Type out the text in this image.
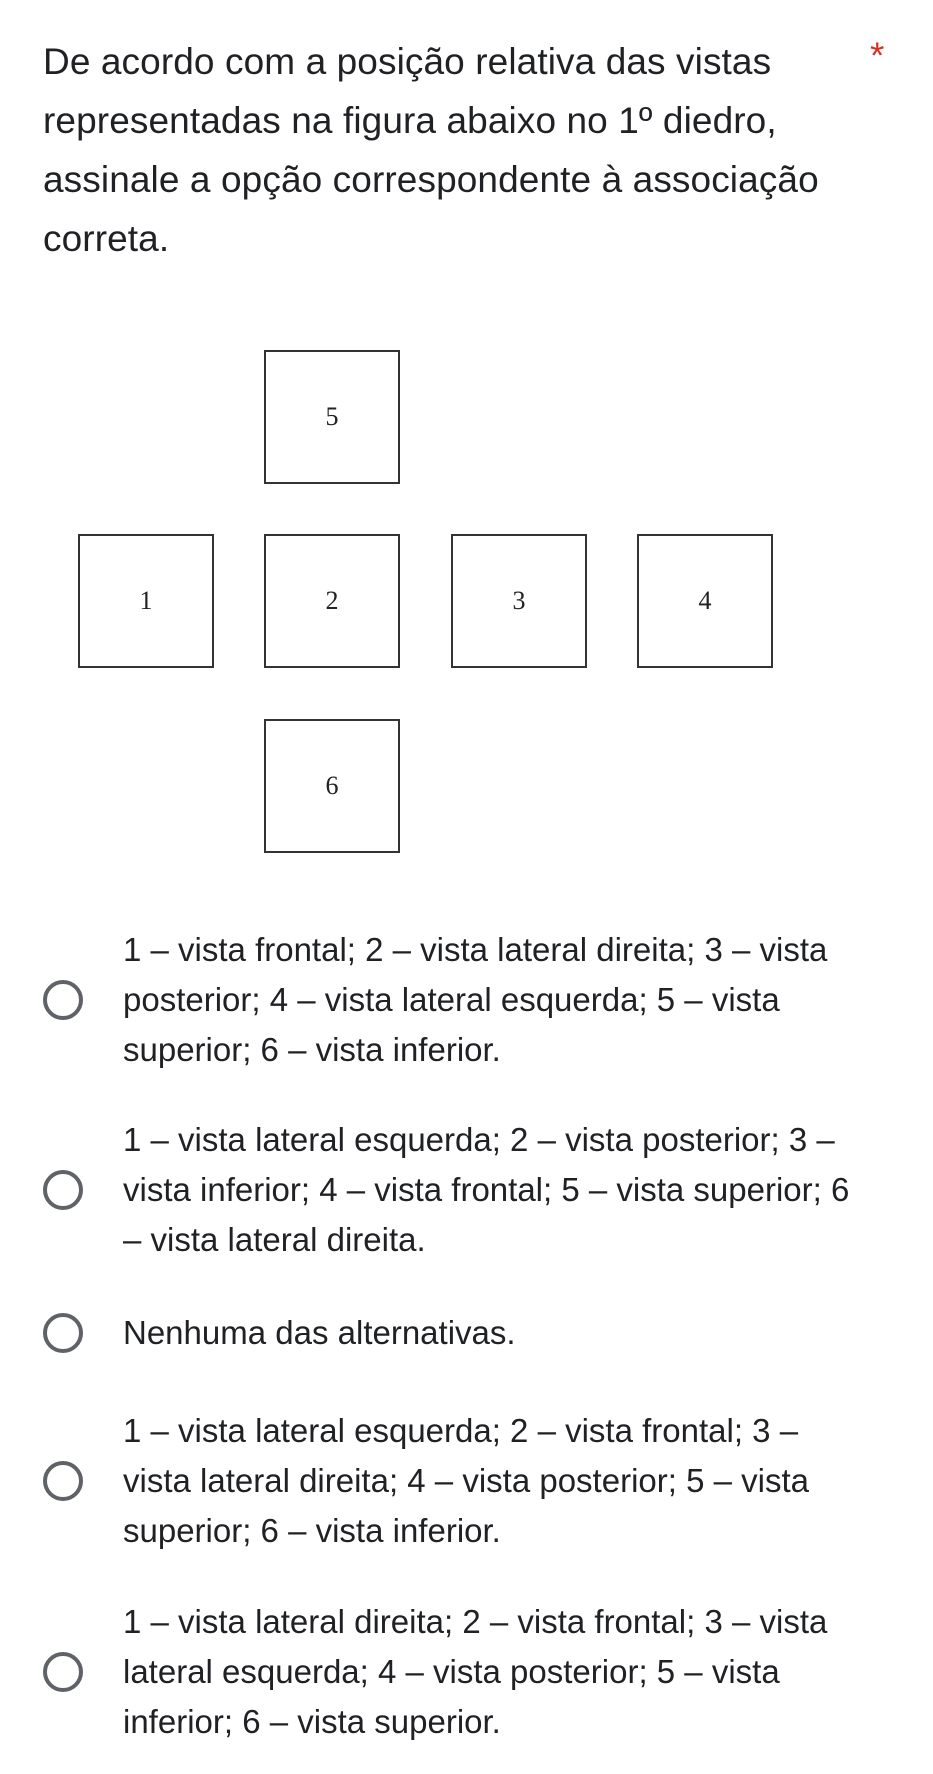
De acordo com a posição relativa das vistas representadas na figura abaixo no 1º diedro, assinale a opção correspondente à associação correta.
*
5
1	2	3	4
6
1 – vista frontal; 2 – vista lateral direita; 3 – vista posterior; 4 – vista lateral esquerda; 5 – vista superior; 6 – vista inferior.
1 – vista lateral esquerda; 2 – vista posterior; 3 – vista inferior; 4 – vista frontal; 5 – vista superior; 6 – vista lateral direita.
Nenhuma das alternativas.
1 – vista lateral esquerda; 2 – vista frontal; 3 – vista lateral direita; 4 – vista posterior; 5 – vista superior; 6 – vista inferior.
1 – vista lateral direita; 2 – vista frontal; 3 – vista lateral esquerda; 4 – vista posterior; 5 – vista inferior; 6 – vista superior.
